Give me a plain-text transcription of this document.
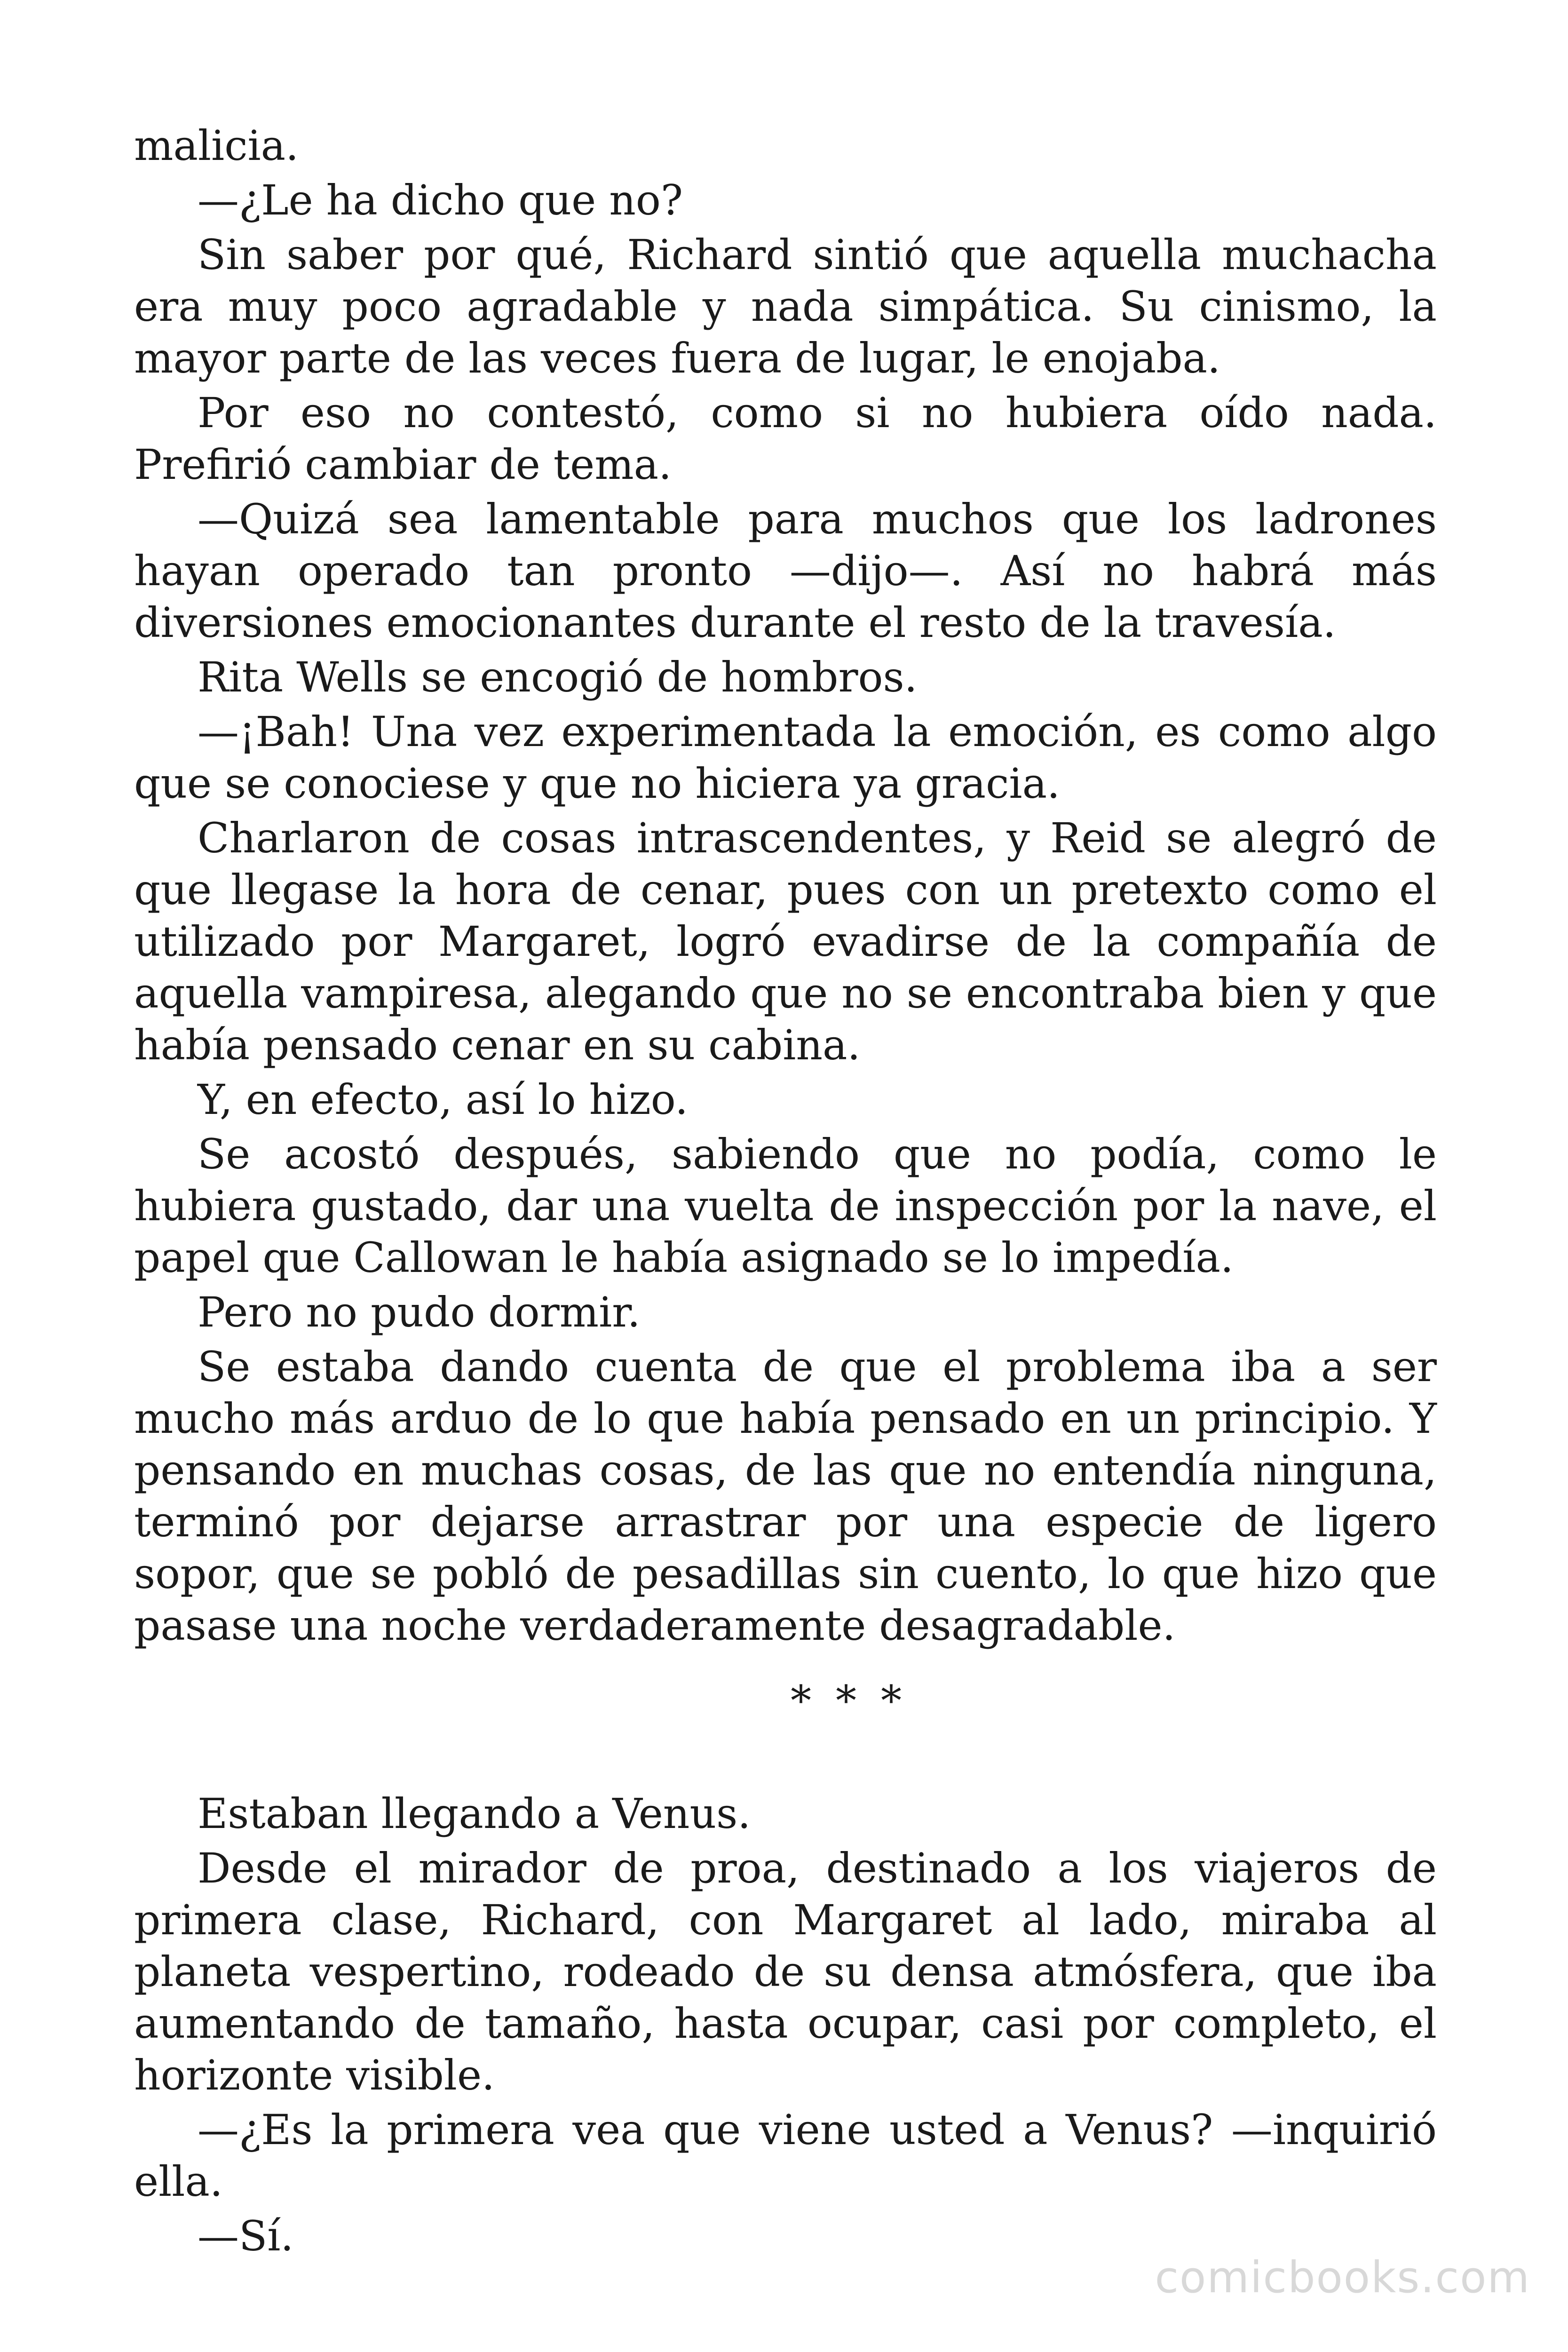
malicia.

—¿Le ha dicho que no?

Sin saber por qué, Richard sintió que aquella muchacha era muy poco agradable y nada simpática. Su cinismo, la mayor parte de las veces fuera de lugar, le enojaba.

Por eso no contestó, como si no hubiera oído nada. Prefirió cambiar de tema.

—Quizá sea lamentable para muchos que los ladrones hayan operado tan pronto —dijo—. Así no habrá más diversiones emocionantes durante el resto de la travesía.

Rita Wells se encogió de hombros.

—¡Bah! Una vez experimentada la emoción, es como algo que se conociese y que no hiciera ya gracia.

Charlaron de cosas intrascendentes, y Reid se alegró de que llegase la hora de cenar, pues con un pretexto como el utilizado por Margaret, logró evadirse de la compañía de aquella vampiresa, alegando que no se encontraba bien y que había pensado cenar en su cabina.

Y, en efecto, así lo hizo.

Se acostó después, sabiendo que no podía, como le hubiera gustado, dar una vuelta de inspección por la nave, el papel que Callowan le había asignado se lo impedía.

Pero no pudo dormir.

Se estaba dando cuenta de que el problema iba a ser mucho más arduo de lo que había pensado en un principio. Y pensando en muchas cosas, de las que no entendía ninguna, terminó por dejarse arrastrar por una especie de ligero sopor, que se pobló de pesadillas sin cuento, lo que hizo que pasase una noche verdaderamente desagradable.

* * *

Estaban llegando a Venus.

Desde el mirador de proa, destinado a los viajeros de primera clase, Richard, con Margaret al lado, miraba al planeta vespertino, rodeado de su densa atmósfera, que iba aumentando de tamaño, hasta ocupar, casi por completo, el horizonte visible.

—¿Es la primera vea que viene usted a Venus? —inquirió ella.

—Sí.

comicbooks.com
